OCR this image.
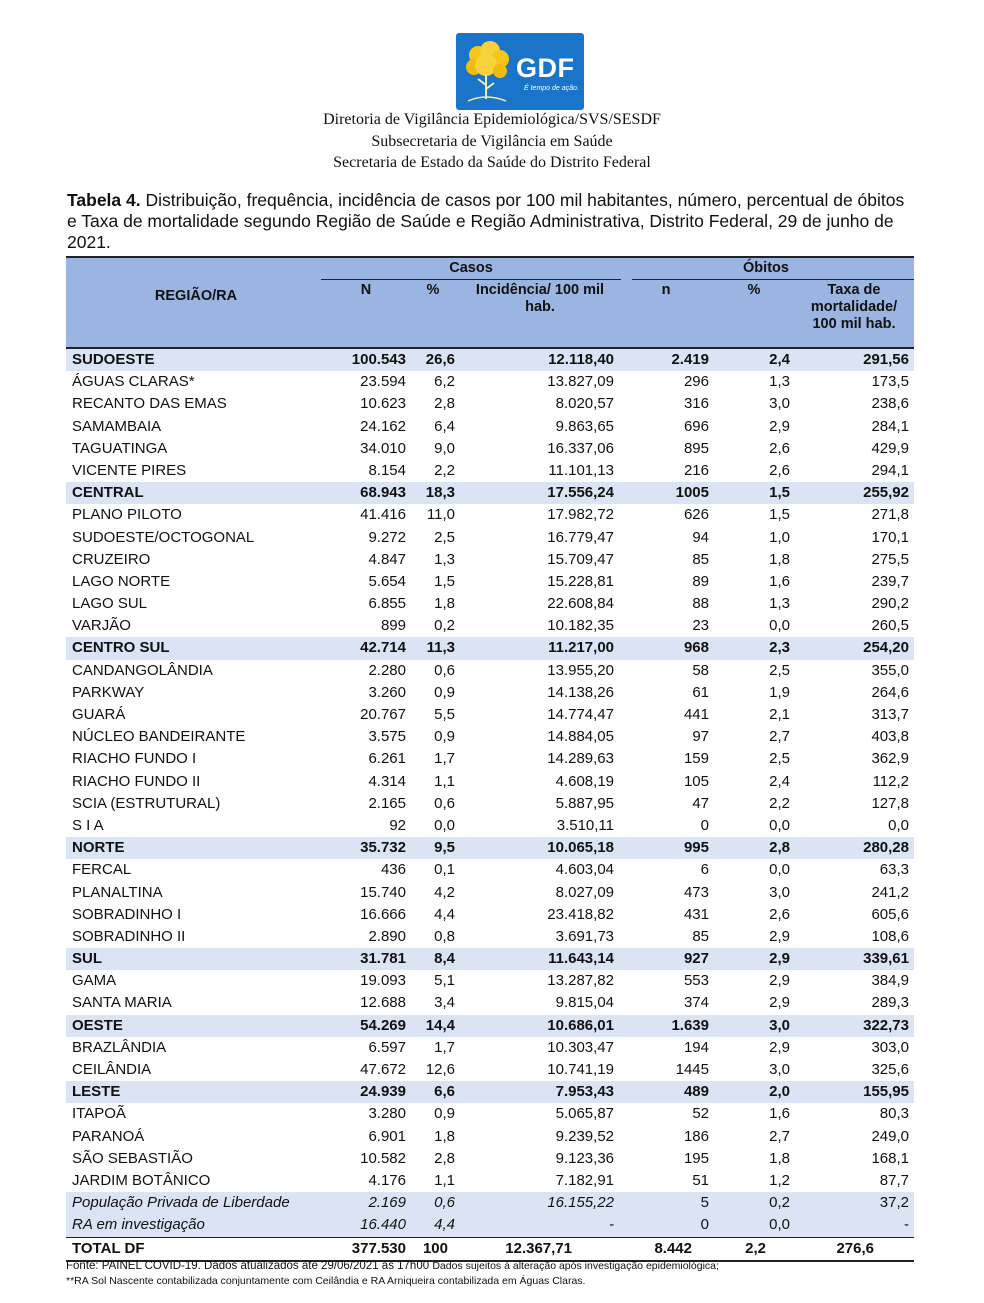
GDF
É tempo de ação.
Diretoria de Vigilância Epidemiológica/SVS/SESDF
Subsecretaria de Vigilância em Saúde
Secretaria de Estado da Saúde do Distrito Federal
Tabela 4. Distribuição, frequência, incidência de casos por 100 mil habitantes, número, percentual de óbitos e Taxa de mortalidade segundo Região de Saúde e Região Administrativa, Distrito Federal, 29 de junho de 2021.
REGIÃO/RA
Casos	Óbitos
N	%	Incidência/ 100 mil hab.
n	%	Taxa de mortalidade/ 100 mil hab.
SUDOESTE	100.543 26,6	12.118,40	2.419	2,4	291,56
ÁGUAS CLARAS*	23.594 6,2	13.827,09	296	1,3	173,5
RECANTO DAS EMAS	10.623 2,8	8.020,57	316	3,0	238,6
SAMAMBAIA	24.162 6,4	9.863,65	696	2,9	284,1
TAGUATINGA	34.010 9,0	16.337,06	895	2,6	429,9
VICENTE PIRES	8.154 2,2	11.101,13	216	2,6	294,1
CENTRAL	68.943 18,3	17.556,24	1005	1,5	255,92
PLANO PILOTO	41.416 11,0	17.982,72	626	1,5	271,8
SUDOESTE/OCTOGONAL	9.272 2,5	16.779,47	94	1,0	170,1
CRUZEIRO	4.847 1,3	15.709,47	85	1,8	275,5
LAGO NORTE	5.654 1,5	15.228,81	89	1,6	239,7
LAGO SUL	6.855 1,8	22.608,84	88	1,3	290,2
VARJÃO	899 0,2	10.182,35	23	0,0	260,5
CENTRO SUL	42.714 11,3	11.217,00	968	2,3	254,20
CANDANGOLÂNDIA	2.280 0,6	13.955,20	58	2,5	355,0
PARKWAY	3.260 0,9	14.138,26	61	1,9	264,6
GUARÁ	20.767 5,5	14.774,47	441	2,1	313,7
NÚCLEO BANDEIRANTE	3.575 0,9	14.884,05	97	2,7	403,8
RIACHO FUNDO I	6.261 1,7	14.289,63	159	2,5	362,9
RIACHO FUNDO II	4.314 1,1	4.608,19	105	2,4	112,2
SCIA (ESTRUTURAL)	2.165 0,6	5.887,95	47	2,2	127,8
S I A	92 0,0	3.510,11	0	0,0	0,0
NORTE	35.732 9,5	10.065,18	995	2,8	280,28
FERCAL	436 0,1	4.603,04	6	0,0	63,3
PLANALTINA	15.740 4,2	8.027,09	473	3,0	241,2
SOBRADINHO I	16.666 4,4	23.418,82	431	2,6	605,6
SOBRADINHO II	2.890 0,8	3.691,73	85	2,9	108,6
SUL	31.781 8,4	11.643,14	927	2,9	339,61
GAMA	19.093 5,1	13.287,82	553	2,9	384,9
SANTA MARIA	12.688 3,4	9.815,04	374	2,9	289,3
OESTE	54.269 14,4	10.686,01	1.639	3,0	322,73
BRAZLÂNDIA	6.597 1,7	10.303,47	194	2,9	303,0
CEILÂNDIA	47.672 12,6	10.741,19	1445	3,0	325,6
LESTE	24.939 6,6	7.953,43	489	2,0	155,95
ITAPOÃ	3.280 0,9	5.065,87	52	1,6	80,3
PARANOÁ	6.901 1,8	9.239,52	186	2,7	249,0
SÃO SEBASTIÃO	10.582 2,8	9.123,36	195	1,8	168,1
JARDIM BOTÂNICO	4.176 1,1	7.182,91	51	1,2	87,7
População Privada de Liberdade	2.169 0,6	16.155,22	5	0,2	37,2
RA em investigação	16.440 4,4	-	0	0,0	-
TOTAL DF	377.530 100	12.367,71	8.442	2,2	276,6
Fonte: PAINEL COVID-19. Dados atualizados até 29/06/2021 às 17h00 Dados sujeitos à alteração após investigação epidemiológica;
**RA Sol Nascente contabilizada conjuntamente com Ceilândia e RA Arniqueira contabilizada em Águas Claras.
